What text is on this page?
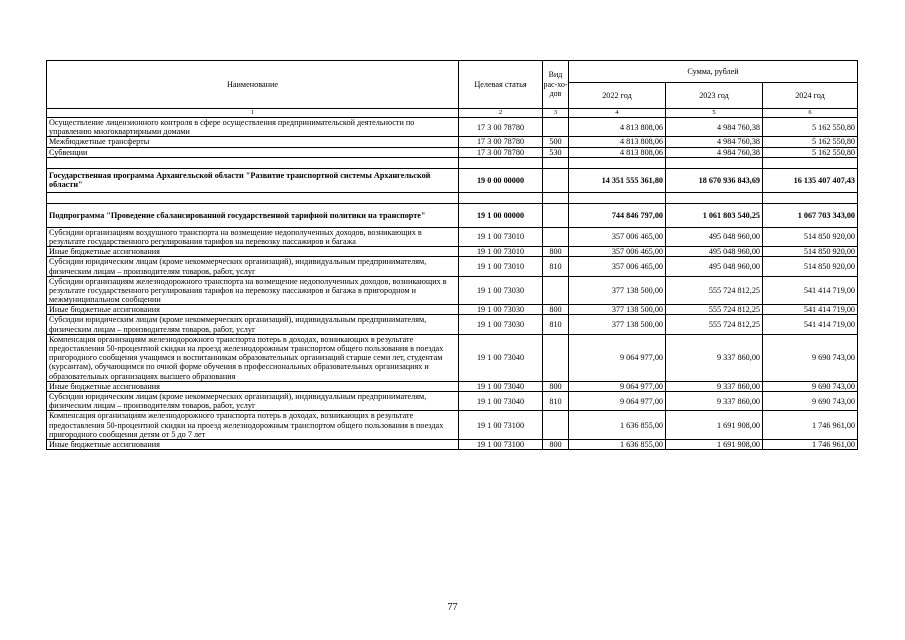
Наименование	Целевая статья	Вид рас-хо-дов	Сумма, рублей		
			2022 год	2023 год	2024 год
1	2	3	4	5	6
Осуществление лицензионного контроля в сфере осуществления предпринимательской деятельности по управлению многоквартирными домами	17 3 00 78780		4 813 808,06	4 984 760,38	5 162 550,80
Межбюджетные трансферты	17 3 00 78780	500	4 813 808,06	4 984 760,38	5 162 550,80
Субвенции	17 3 00 78780	530	4 813 808,06	4 984 760,38	5 162 550,80

Государственная программа Архангельской области "Развитие транспортной системы Архангельской области"	19 0 00 00000		14 351 555 361,80	18 670 936 843,69	16 135 407 407,43

Подпрограмма "Проведение сбалансированной государственной тарифной политики на транспорте"	19 1 00 00000		744 846 797,00	1 061 803 540,25	1 067 703 343,00
Субсидии организациям воздушного транспорта на возмещение недополученных доходов, возникающих в результате государственного регулирования тарифов на перевозку пассажиров и багажа	19 1 00 73010		357 006 465,00	495 048 960,00	514 850 920,00
Иные бюджетные ассигнования	19 1 00 73010	800	357 006 465,00	495 048 960,00	514 850 920,00
Субсидии юридическим лицам (кроме некоммерческих организаций), индивидуальным предпринимателям, физическим лицам – производителям товаров, работ, услуг	19 1 00 73010	810	357 006 465,00	495 048 960,00	514 850 920,00
Субсидии организациям железнодорожного транспорта на возмещение недополученных доходов, возникающих в результате государственного регулирования тарифов на перевозку пассажиров и багажа в пригородном и межмуниципальном сообщении	19 1 00 73030		377 138 500,00	555 724 812,25	541 414 719,00
Иные бюджетные ассигнования	19 1 00 73030	800	377 138 500,00	555 724 812,25	541 414 719,00
Субсидии юридическим лицам (кроме некоммерческих организаций), индивидуальным предпринимателям, физическим лицам – производителям товаров, работ, услуг	19 1 00 73030	810	377 138 500,00	555 724 812,25	541 414 719,00
Компенсация организациям железнодорожного транспорта потерь в доходах, возникающих в результате предоставления 50-процентной скидки на проезд железнодорожным транспортом общего пользования в поездах пригородного сообщения учащимся и воспитанникам образовательных организаций старше семи лет, студентам (курсантам), обучающимся по очной форме обучения в профессиональных образовательных организациях и образовательных организациях высшего образования	19 1 00 73040		9 064 977,00	9 337 860,00	9 690 743,00
Иные бюджетные ассигнования	19 1 00 73040	800	9 064 977,00	9 337 860,00	9 690 743,00
Субсидии юридическим лицам (кроме некоммерческих организаций), индивидуальным предпринимателям, физическим лицам – производителям товаров, работ, услуг	19 1 00 73040	810	9 064 977,00	9 337 860,00	9 690 743,00
Компенсация организациям железнодорожного транспорта потерь в доходах, возникающих в результате предоставления 50-процентной скидки на проезд железнодорожным транспортом общего пользования в поездах пригородного сообщения детям от 5 до 7 лет	19 1 00 73100		1 636 855,00	1 691 908,00	1 746 961,00
Иные бюджетные ассигнования	19 1 00 73100	800	1 636 855,00	1 691 908,00	1 746 961,00
77
